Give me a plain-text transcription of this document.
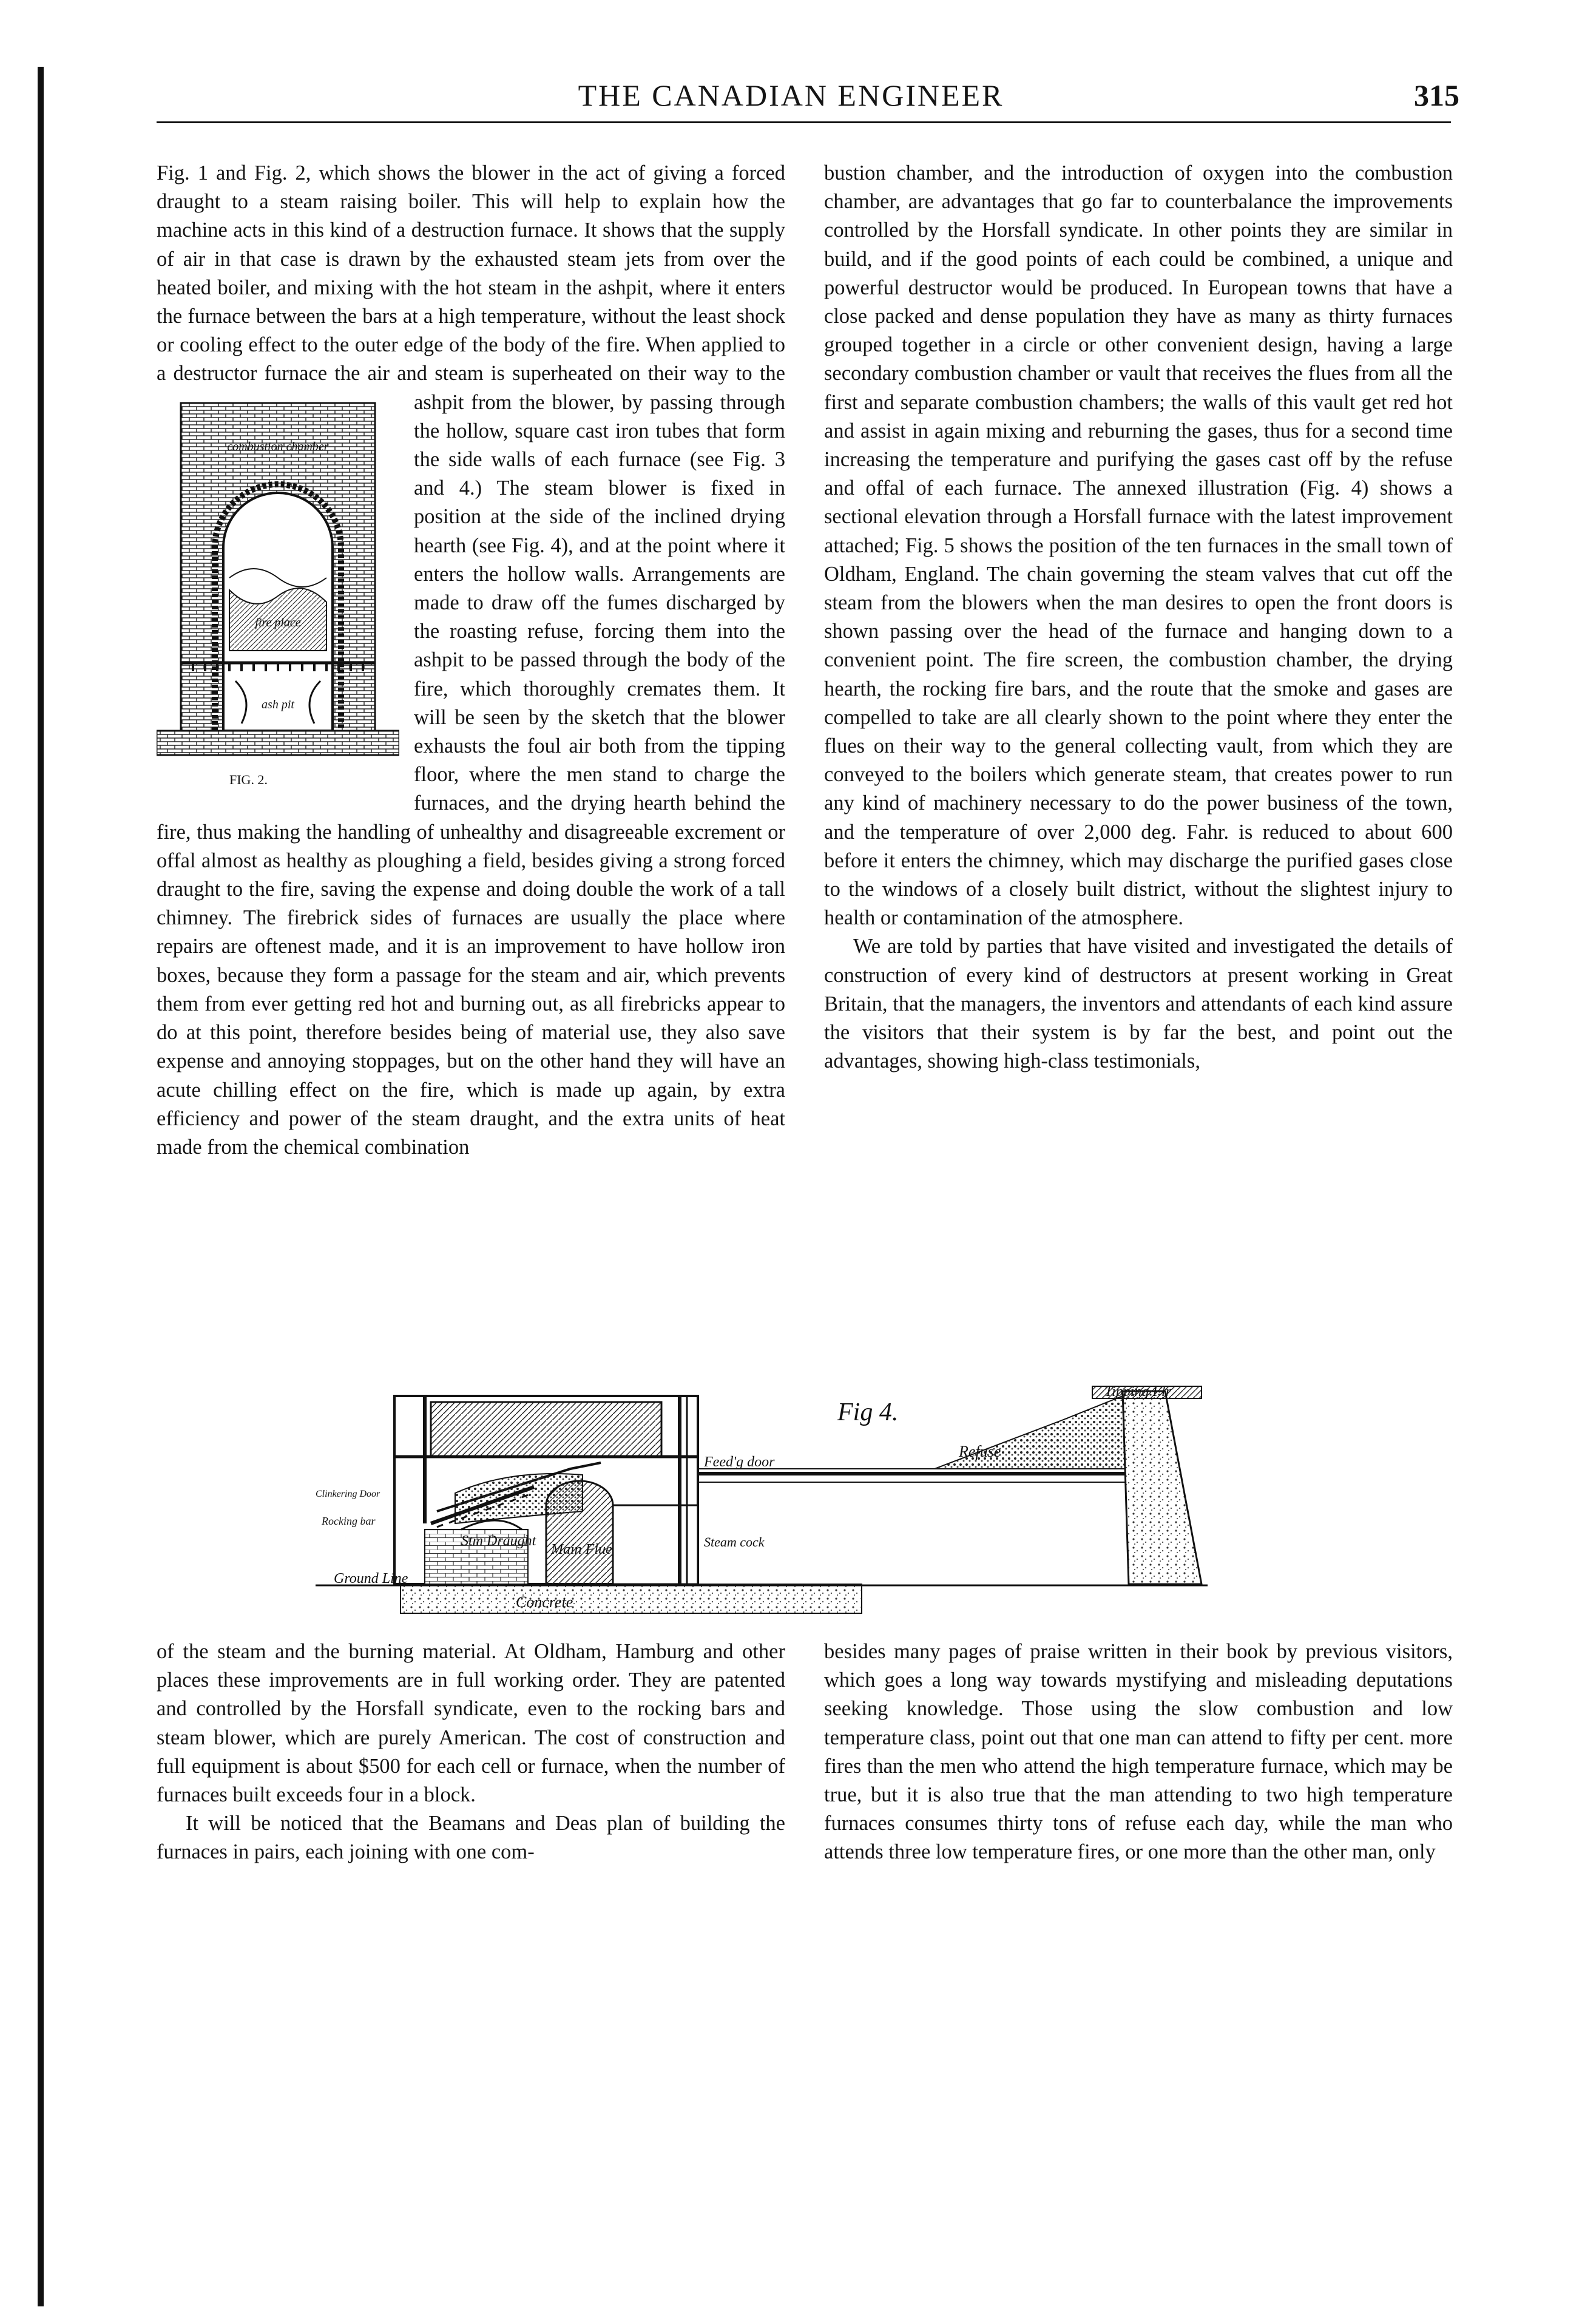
THE CANADIAN ENGINEER	315

Fig. 1 and Fig. 2, which shows the blower in the act of giving a forced draught to a steam raising boiler. This will help to explain how the machine acts in this kind of a destruction furnace. It shows that the supply of air in that case is drawn by the exhausted steam jets from over the heated boiler, and mixing with the hot steam in the ashpit, where it enters the furnace between the bars at a high temperature, without the least shock or cooling effect to the outer edge of the body of the fire. When applied to a destructor furnace the air and steam is superheated on their way to the ashpit from the blower, by passing
combustion chamber
fire place
ash pit
FIG. 2.
through the hollow, square cast iron tubes that form the side walls of each furnace (see Fig. 3 and 4.) The steam blower is fixed in position at the side of the inclined drying hearth (see Fig. 4), and at the point where it enters the hollow walls. Arrangements are made to draw off the fumes discharged by the roasting refuse, forcing them into the ashpit to be passed through the body of the fire, which thoroughly cremates them. It will be seen by the sketch that the blower exhausts the foul air both from the tipping floor, where the men stand to charge the furnaces, and the drying hearth behind the fire, thus making the handling of unhealthy and disagreeable excrement or offal almost as healthy as ploughing a field, besides giving a strong forced draught to the fire, saving the expense and doing double the work of a tall chimney. The firebrick sides of furnaces are usually the place where repairs are oftenest made, and it is an improvement to have hollow iron boxes, because they form a passage for the steam and air, which prevents them from ever getting red hot and burning out, as all firebricks appear to do at this point, therefore besides being of material use, they also save expense and annoying stoppages, but on the other hand they will have an acute chilling effect on the fire, which is made up again, by extra efficiency and power of the steam draught, and the extra units of heat made from the chemical combination

bustion chamber, and the introduction of oxygen into the combustion chamber, are advantages that go far to counterbalance the improvements controlled by the Horsfall syndicate. In other points they are similar in build, and if the good points of each could be combined, a unique and powerful destructor would be produced. In European towns that have a close packed and dense population they have as many as thirty furnaces grouped together in a circle or other convenient design, having a large secondary combustion chamber or vault that receives the flues from all the first and separate combustion chambers; the walls of this vault get red hot and assist in again mixing and reburning the gases, thus for a second time increasing the temperature and purifying the gases cast off by the refuse and offal of each furnace. The annexed illustration (Fig. 4) shows a sectional elevation through a Horsfall furnace with the latest improvement attached; Fig. 5 shows the position of the ten furnaces in the small town of Oldham, England. The chain governing the steam valves that cut off the steam from the blowers when the man desires to open the front doors is shown passing over the head of the furnace and hanging down to a convenient point. The fire screen, the combustion chamber, the drying hearth, the rocking fire bars, and the route that the smoke and gases are compelled to take are all clearly shown to the point where they enter the flues on their way to the general collecting vault, from which they are conveyed to the boilers which generate steam, that creates power to run any kind of machinery necessary to do the power business of the town, and the temperature of over 2,000 deg. Fahr. is reduced to about 600 before it enters the chimney, which may discharge the purified gases close to the windows of a closely built district, without the slightest injury to health or contamination of the atmosphere.

We are told by parties that have visited and investigated the details of construction of every kind of destructors at present working in Great Britain, that the managers, the inventors and attendants of each kind assure the visitors that their system is by far the best, and point out the advantages, showing high-class testimonials,

Fig 4.
Tipping Flr
Refuse
Feed'g door
Clinkering Door
Rocking bar
Stm Draught
Main Flue	Steam cock
Ground Line
Concrete

of the steam and the burning material. At Oldham, Hamburg and other places these improvements are in full working order. They are patented and controlled by the Horsfall syndicate, even to the rocking bars and steam blower, which are purely American. The cost of construction and full equipment is about $500 for each cell or furnace, when the number of furnaces built exceeds four in a block.

It will be noticed that the Beamans and Deas plan of building the furnaces in pairs, each joining with one com-

besides many pages of praise written in their book by previous visitors, which goes a long way towards mystifying and misleading deputations seeking knowledge. Those using the slow combustion and low temperature class, point out that one man can attend to fifty per cent. more fires than the men who attend the high temperature furnace, which may be true, but it is also true that the man attending to two high temperature furnaces consumes thirty tons of refuse each day, while the man who attends three low temperature fires, or one more than the other man, only
